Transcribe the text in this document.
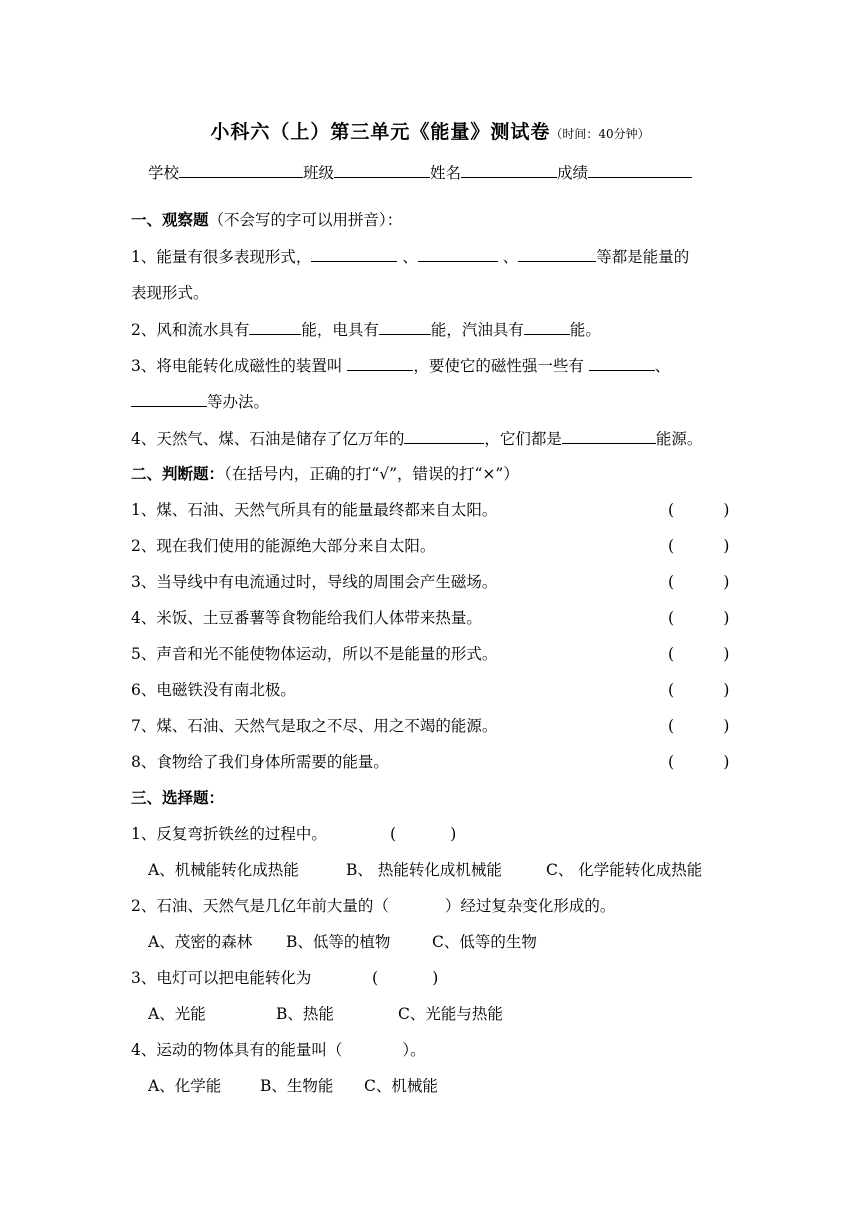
小科六（上）第三单元《能量》测试卷（时间：40分钟）
学校	班级	姓名	成绩
一、观察题（不会写的字可以用拼音）：
1、能量有很多表现形式，	、	、	等都是能量的
表现形式。
2、风和流水具有	能，电具有	能，汽油具有	能。
3、将电能转化成磁性的装置叫	，要使它的磁性强一些有	、
等办法。
4、天然气、煤、石油是储存了亿万年的	，它们都是	能源。
二、判断题：（在括号内，正确的打“√”，错误的打“×”）
1、煤、石油、天然气所具有的能量最终都来自太阳。	(          )
2、现在我们使用的能源绝大部分来自太阳。	(          )
3、当导线中有电流通过时，导线的周围会产生磁场。	(          )
4、米饭、土豆番薯等食物能给我们人体带来热量。	(          )
5、声音和光不能使物体运动，所以不是能量的形式。	(          )
6、电磁铁没有南北极。	(          )
7、煤、石油、天然气是取之不尽、用之不竭的能源。	(          )
8、食物给了我们身体所需要的能量。	(          )
三、选择题：
1、反复弯折铁丝的过程中。	(           )
A、机械能转化成热能	B、 热能转化成机械能	C、 化学能转化成热能
2、石油、天然气是几亿年前大量的（	）经过复杂变化形成的。
A、茂密的森林 B、低等的植物	C、低等的生物
3、电灯可以把电能转化为	(           )
A、光能	B、热能	C、光能与热能
4、运动的物体具有的能量叫（	）。
A、化学能	B、生物能 C、机械能
